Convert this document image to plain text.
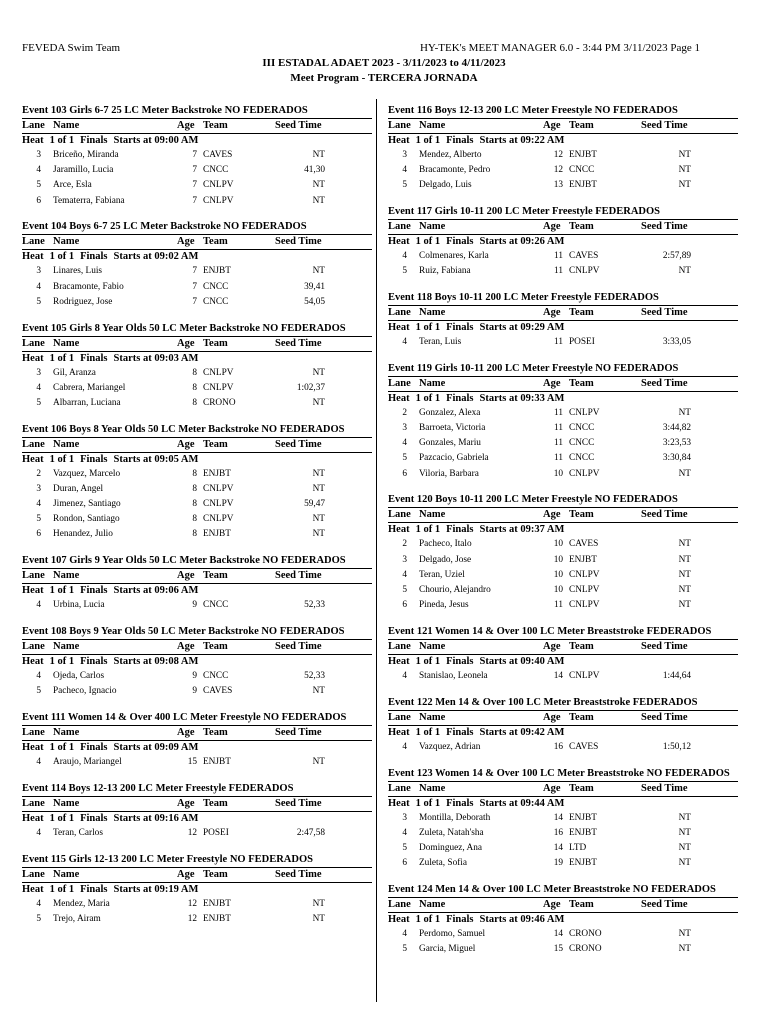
FEVEDA Swim Team	HY-TEK's MEET MANAGER 6.0 - 3:44 PM 3/11/2023 Page 1
III ESTADAL ADAET 2023 - 3/11/2023 to 4/11/2023
Meet Program - TERCERA JORNADA
Event 103 Girls 6-7 25 LC Meter Backstroke NO FEDERADOS
Lane Name	Age Team	Seed Time
Heat 1 of 1 Finals Starts at 09:00 AM
3 Briceño, Miranda	7 CAVES	NT
4 Jaramillo, Lucia	7 CNCC	41,30
5 Arce, Esla	7 CNLPV	NT
6 Tematerra, Fabiana	7 CNLPV	NT
Event 104 Boys 6-7 25 LC Meter Backstroke NO FEDERADOS
Lane Name	Age Team	Seed Time
Heat 1 of 1 Finals Starts at 09:02 AM
3 Linares, Luis	7 ENJBT	NT
4 Bracamonte, Fabio	7 CNCC	39,41
5 Rodriguez, Jose	7 CNCC	54,05
Event 105 Girls 8 Year Olds 50 LC Meter Backstroke NO FEDERADOS
Lane Name	Age Team	Seed Time
Heat 1 of 1 Finals Starts at 09:03 AM
3 Gil, Aranza	8 CNLPV	NT
4 Cabrera, Mariangel	8 CNLPV	1:02,37
5 Albarran, Luciana	8 CRONO	NT
Event 106 Boys 8 Year Olds 50 LC Meter Backstroke NO FEDERADOS
Lane Name	Age Team	Seed Time
Heat 1 of 1 Finals Starts at 09:05 AM
2 Vazquez, Marcelo	8 ENJBT	NT
3 Duran, Angel	8 CNLPV	NT
4 Jimenez, Santiago	8 CNLPV	59,47
5 Rondon, Santiago	8 CNLPV	NT
6 Henandez, Julio	8 ENJBT	NT
Event 107 Girls 9 Year Olds 50 LC Meter Backstroke NO FEDERADOS
Lane Name	Age Team	Seed Time
Heat 1 of 1 Finals Starts at 09:06 AM
4 Urbina, Lucia	9 CNCC	52,33
Event 108 Boys 9 Year Olds 50 LC Meter Backstroke NO FEDERADOS
Lane Name	Age Team	Seed Time
Heat 1 of 1 Finals Starts at 09:08 AM
4 Ojeda, Carlos	9 CNCC	52,33
5 Pacheco, Ignacio	9 CAVES	NT
Event 111 Women 14 & Over 400 LC Meter Freestyle NO FEDERADOS
Lane Name	Age Team	Seed Time
Heat 1 of 1 Finals Starts at 09:09 AM
4 Araujo, Mariangel	15 ENJBT	NT
Event 114 Boys 12-13 200 LC Meter Freestyle FEDERADOS
Lane Name	Age Team	Seed Time
Heat 1 of 1 Finals Starts at 09:16 AM
4 Teran, Carlos	12 POSEI	2:47,58
Event 115 Girls 12-13 200 LC Meter Freestyle NO FEDERADOS
Lane Name	Age Team	Seed Time
Heat 1 of 1 Finals Starts at 09:19 AM
4 Mendez, Maria	12 ENJBT	NT
5 Trejo, Airam	12 ENJBT	NT
Event 116 Boys 12-13 200 LC Meter Freestyle NO FEDERADOS
Lane Name	Age Team	Seed Time
Heat 1 of 1 Finals Starts at 09:22 AM
3 Mendez, Alberto	12 ENJBT	NT
4 Bracamonte, Pedro	12 CNCC	NT
5 Delgado, Luis	13 ENJBT	NT
Event 117 Girls 10-11 200 LC Meter Freestyle FEDERADOS
Lane Name	Age Team	Seed Time
Heat 1 of 1 Finals Starts at 09:26 AM
4 Colmenares, Karla	11 CAVES	2:57,89
5 Ruiz, Fabiana	11 CNLPV	NT
Event 118 Boys 10-11 200 LC Meter Freestyle FEDERADOS
Lane Name	Age Team	Seed Time
Heat 1 of 1 Finals Starts at 09:29 AM
4 Teran, Luis	11 POSEI	3:33,05
Event 119 Girls 10-11 200 LC Meter Freestyle NO FEDERADOS
Lane Name	Age Team	Seed Time
Heat 1 of 1 Finals Starts at 09:33 AM
2 Gonzalez, Alexa	11 CNLPV	NT
3 Barroeta, Victoria	11 CNCC	3:44,82
4 Gonzales, Mariu	11 CNCC	3:23,53
5 Pazcacio, Gabriela	11 CNCC	3:30,84
6 Viloria, Barbara	10 CNLPV	NT
Event 120 Boys 10-11 200 LC Meter Freestyle NO FEDERADOS
Lane Name	Age Team	Seed Time
Heat 1 of 1 Finals Starts at 09:37 AM
2 Pacheco, Italo	10 CAVES	NT
3 Delgado, Jose	10 ENJBT	NT
4 Teran, Uziel	10 CNLPV	NT
5 Chourio, Alejandro	10 CNLPV	NT
6 Pineda, Jesus	11 CNLPV	NT
Event 121 Women 14 & Over 100 LC Meter Breaststroke FEDERADOS
Lane Name	Age Team	Seed Time
Heat 1 of 1 Finals Starts at 09:40 AM
4 Stanislao, Leonela	14 CNLPV	1:44,64
Event 122 Men 14 & Over 100 LC Meter Breaststroke FEDERADOS
Lane Name	Age Team	Seed Time
Heat 1 of 1 Finals Starts at 09:42 AM
4 Vazquez, Adrian	16 CAVES	1:50,12
Event 123 Women 14 & Over 100 LC Meter Breaststroke NO FEDERADOS
Lane Name	Age Team	Seed Time
Heat 1 of 1 Finals Starts at 09:44 AM
3 Montilla, Deborath	14 ENJBT	NT
4 Zuleta, Natah'sha	16 ENJBT	NT
5 Dominguez, Ana	14 LTD	NT
6 Zuleta, Sofia	19 ENJBT	NT
Event 124 Men 14 & Over 100 LC Meter Breaststroke NO FEDERADOS
Lane Name	Age Team	Seed Time
Heat 1 of 1 Finals Starts at 09:46 AM
4 Perdomo, Samuel	14 CRONO	NT
5 Garcia, Miguel	15 CRONO	NT
